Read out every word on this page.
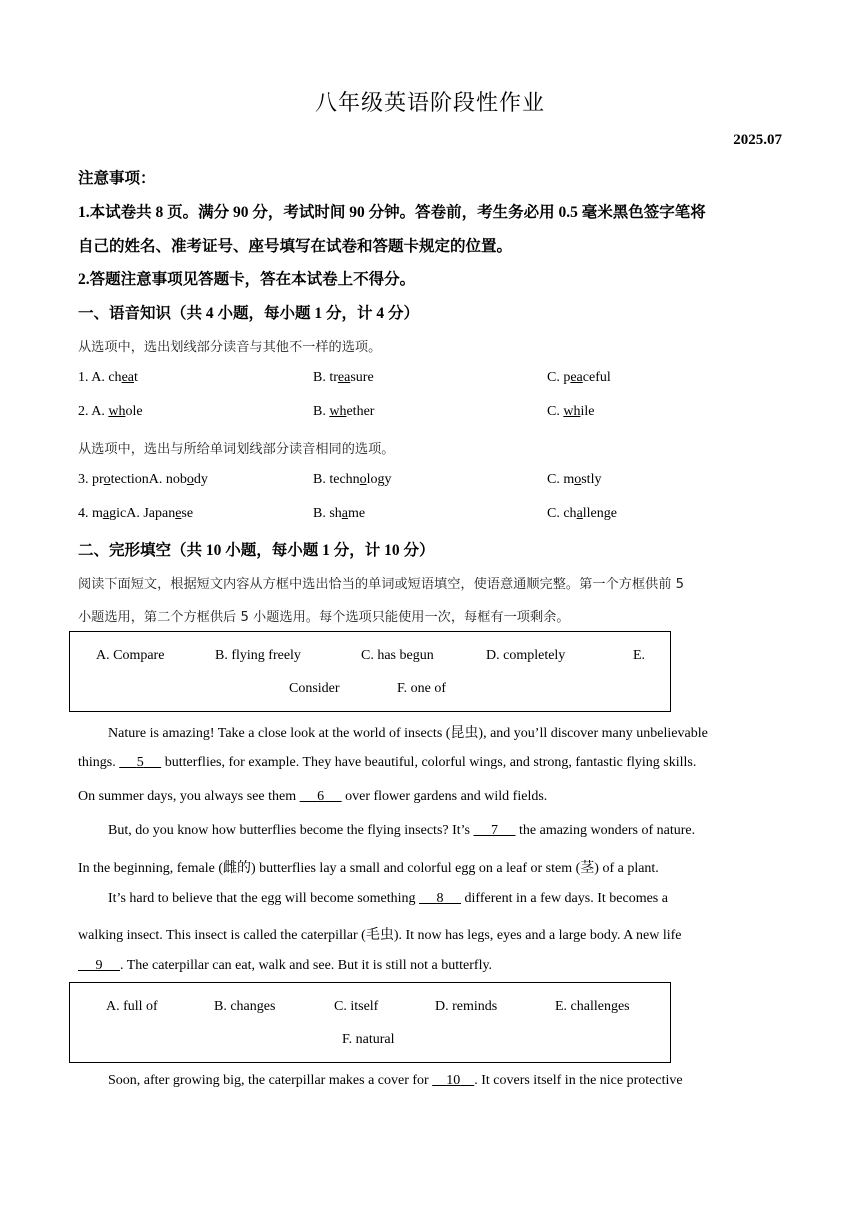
八年级英语阶段性作业
2025.07
注意事项：
1.本试卷共 8 页。满分 90 分，考试时间 90 分钟。答卷前，考生务必用 0.5 毫米黑色签字笔将
自己的姓名、准考证号、座号填写在试卷和答题卡规定的位置。
2.答题注意事项见答题卡，答在本试卷上不得分。
一、语音知识（共 4 小题，每小题 1 分，计 4 分）
从选项中，选出划线部分读音与其他不一样的选项。
1. A. cheat	B. treasure	C. peaceful
2. A. whole	B. whether	C. while
从选项中，选出与所给单词划线部分读音相同的选项。
3. protectionA. nobody	B. technology	C. mostly
4. magicA. Japanese	B. shame	C. challenge
二、完形填空（共 10 小题，每小题 1 分，计 10 分）
阅读下面短文，根据短文内容从方框中选出恰当的单词或短语填空，使语意通顺完整。第一个方框供前 5
小题选用，第二个方框供后 5 小题选用。每个选项只能使用一次，每框有一项剩余。
A. Compare	B. flying freely	C. has begun	D. completely	E.
Consider	F. one of
Nature is amazing! Take a close look at the world of insects (昆虫), and you’ll discover many unbelievable
things.      5      butterflies, for example. They have beautiful, colorful wings, and strong, fantastic flying skills.
On summer days, you always see them      6      over flower gardens and wild fields.
But, do you know how butterflies become the flying insects? It’s      7      the amazing wonders of nature.
In the beginning, female (雌的) butterflies lay a small and colorful egg on a leaf or stem (茎) of a plant.
It’s hard to believe that the egg will become something      8      different in a few days. It becomes a
walking insect. This insect is called the caterpillar (毛虫). It now has legs, eyes and a large body. A new life
9 . The caterpillar can eat, walk and see. But it is still not a butterfly.
A. full of	B. changes	C. itself	D. reminds	E. challenges
F. natural
Soon, after growing big, the caterpillar makes a cover for     10 . It covers itself in the nice protective
